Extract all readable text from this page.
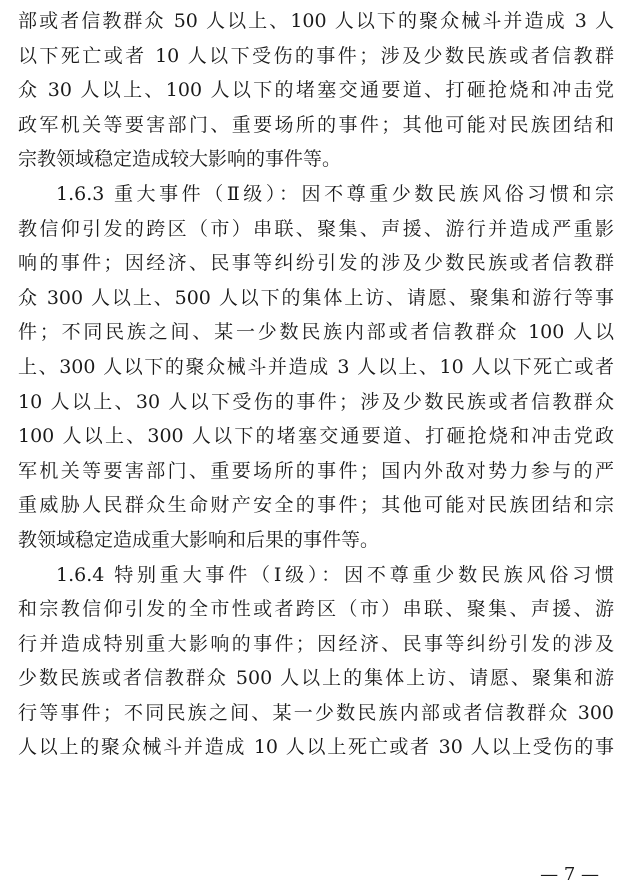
部或者信教群众 50 人以上、100 人以下的聚众械斗并造成 3 人
以下死亡或者 10 人以下受伤的事件；涉及少数民族或者信教群
众 30 人以上、100 人以下的堵塞交通要道、打砸抢烧和冲击党
政军机关等要害部门、重要场所的事件；其他可能对民族团结和
宗教领域稳定造成较大影响的事件等。
1.6.3 重大事件（Ⅱ级）：因不尊重少数民族风俗习惯和宗
教信仰引发的跨区（市）串联、聚集、声援、游行并造成严重影
响的事件；因经济、民事等纠纷引发的涉及少数民族或者信教群
众 300 人以上、500 人以下的集体上访、请愿、聚集和游行等事
件；不同民族之间、某一少数民族内部或者信教群众 100 人以
上、300 人以下的聚众械斗并造成 3 人以上、10 人以下死亡或者
10 人以上、30 人以下受伤的事件；涉及少数民族或者信教群众
100 人以上、300 人以下的堵塞交通要道、打砸抢烧和冲击党政
军机关等要害部门、重要场所的事件；国内外敌对势力参与的严
重威胁人民群众生命财产安全的事件；其他可能对民族团结和宗
教领域稳定造成重大影响和后果的事件等。
1.6.4 特别重大事件（Ⅰ级）：因不尊重少数民族风俗习惯
和宗教信仰引发的全市性或者跨区（市）串联、聚集、声援、游
行并造成特别重大影响的事件；因经济、民事等纠纷引发的涉及
少数民族或者信教群众 500 人以上的集体上访、请愿、聚集和游
行等事件；不同民族之间、某一少数民族内部或者信教群众 300
人以上的聚众械斗并造成 10 人以上死亡或者 30 人以上受伤的事
— 7 —
